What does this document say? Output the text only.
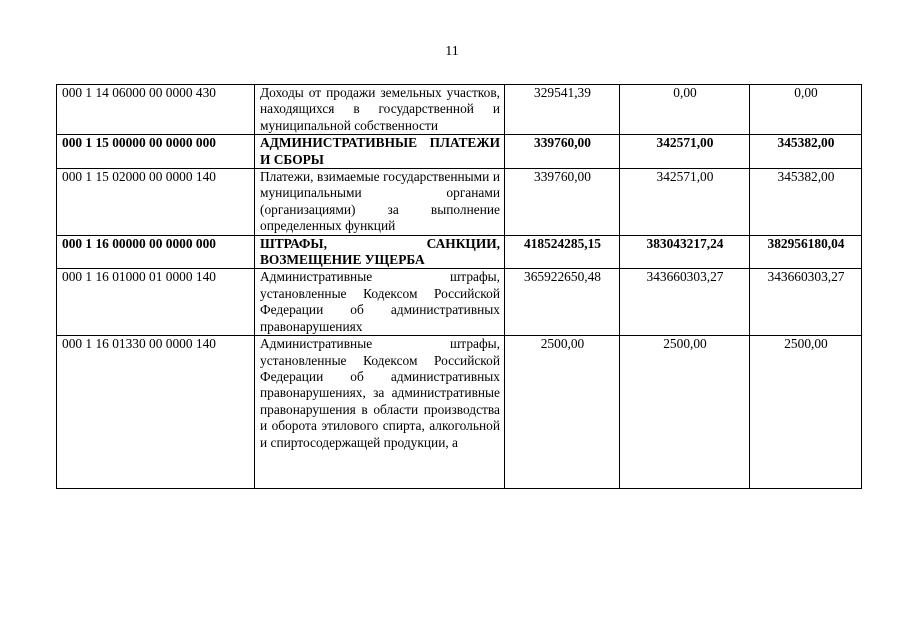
11
000 1 14 06000 00 0000 430	Доходы от продажи земельных участков, находящихся в государственной и муниципальной собственности	329541,39	0,00	0,00
000 1 15 00000 00 0000 000	АДМИНИСТРАТИВНЫЕ ПЛАТЕЖИ И СБОРЫ	339760,00	342571,00	345382,00
000 1 15 02000 00 0000 140	Платежи, взимаемые государственными и муниципальными органами (организациями) за выполнение определенных функций	339760,00	342571,00	345382,00
000 1 16 00000 00 0000 000	ШТРАФЫ, САНКЦИИ, ВОЗМЕЩЕНИЕ УЩЕРБА	418524285,15	383043217,24	382956180,04
000 1 16 01000 01 0000 140	Административные штрафы, установленные Кодексом Российской Федерации об административных правонарушениях	365922650,48	343660303,27	343660303,27
000 1 16 01330 00 0000 140	Административные штрафы, установленные Кодексом Российской Федерации об административных правонарушениях, за административные правонарушения в области производства и оборота этилового спирта, алкогольной и спиртосодержащей продукции, а	2500,00	2500,00	2500,00
